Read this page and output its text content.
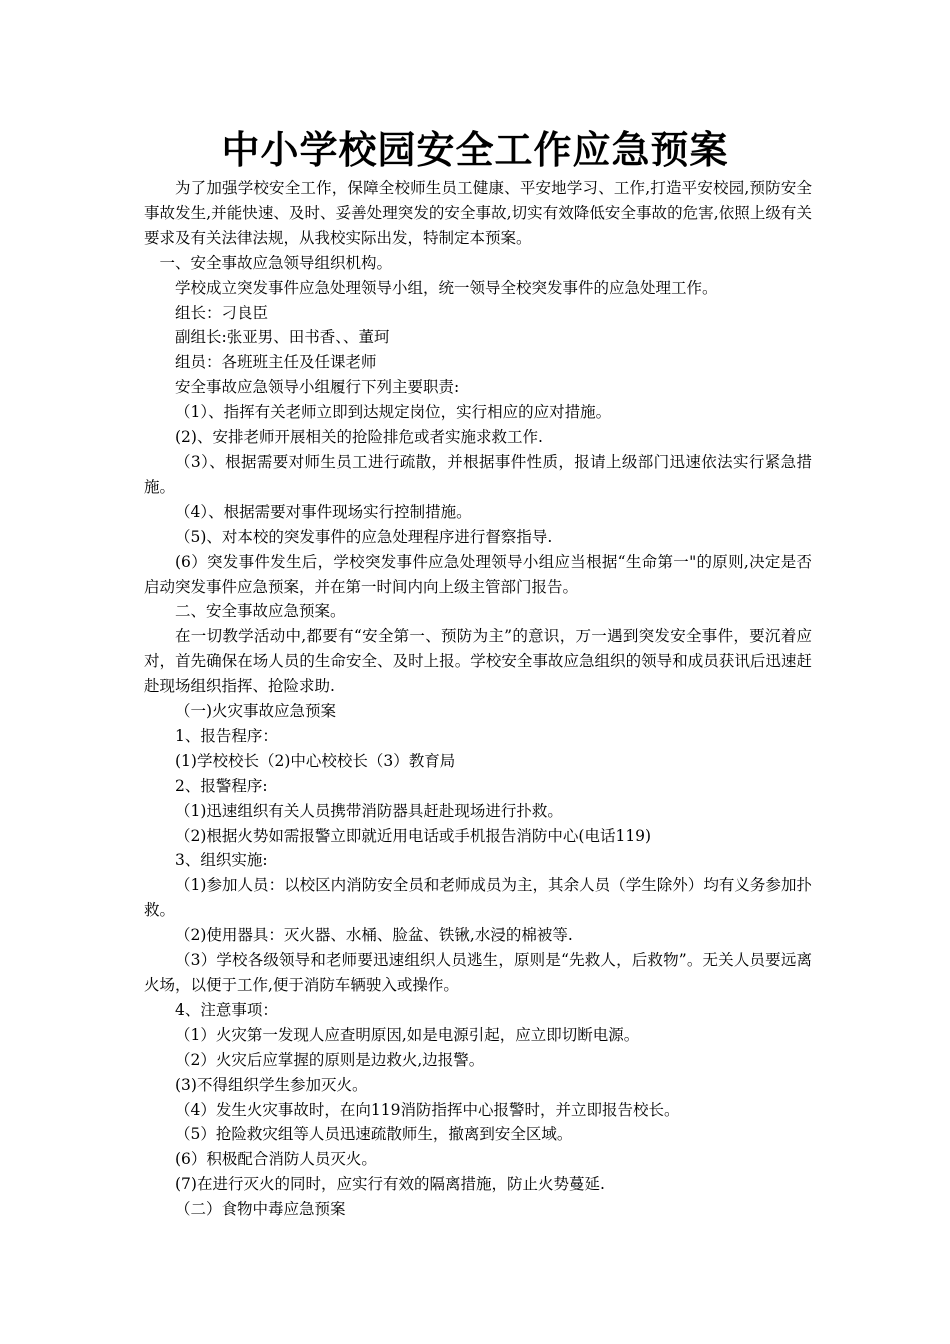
中小学校园安全工作应急预案

为了加强学校安全工作，保障全校师生员工健康、平安地学习、工作,打造平安校园,预防安全事故发生,并能快速、及时、妥善处理突发的安全事故,切实有效降低安全事故的危害,依照上级有关要求及有关法律法规，从我校实际出发，特制定本预案。

一、安全事故应急领导组织机构。

学校成立突发事件应急处理领导小组，统一领导全校突发事件的应急处理工作。

组长：刁良臣

副组长:张亚男、田书香、、董珂

组员：各班班主任及任课老师

安全事故应急领导小组履行下列主要职责:

（1）、指挥有关老师立即到达规定岗位，实行相应的应对措施。

(2)、安排老师开展相关的抢险排危或者实施求救工作.

（3）、根据需要对师生员工进行疏散，并根据事件性质，报请上级部门迅速依法实行紧急措施。

（4）、根据需要对事件现场实行控制措施。

（5)、对本校的突发事件的应急处理程序进行督察指导.

(6）突发事件发生后，学校突发事件应急处理领导小组应当根据“生命第一"的原则,决定是否启动突发事件应急预案，并在第一时间内向上级主管部门报告。

二、安全事故应急预案。

在一切教学活动中,都要有“安全第一、预防为主”的意识，万一遇到突发安全事件，要沉着应对，首先确保在场人员的生命安全、及时上报。学校安全事故应急组织的领导和成员获讯后迅速赶赴现场组织指挥、抢险求助.

（一)火灾事故应急预案

1、报告程序：

(1)学校校长（2)中心校校长（3）教育局

2、报警程序:

（1)迅速组织有关人员携带消防器具赶赴现场进行扑救。

（2)根据火势如需报警立即就近用电话或手机报告消防中心(电话119)

3、组织实施:

（1)参加人员：以校区内消防安全员和老师成员为主，其余人员（学生除外）均有义务参加扑救。

（2)使用器具：灭火器、水桶、脸盆、铁锹,水浸的棉被等.

（3）学校各级领导和老师要迅速组织人员逃生，原则是“先救人，后救物”。无关人员要远离火场，以便于工作,便于消防车辆驶入或操作。

4、注意事项：

（1）火灾第一发现人应查明原因,如是电源引起，应立即切断电源。

（2）火灾后应掌握的原则是边救火,边报警。

(3)不得组织学生参加灭火。

（4）发生火灾事故时，在向119消防指挥中心报警时，并立即报告校长。

（5）抢险救灾组等人员迅速疏散师生，撤离到安全区域。

(6）积极配合消防人员灭火。

(7)在进行灭火的同时，应实行有效的隔离措施，防止火势蔓延.

（二）食物中毒应急预案
